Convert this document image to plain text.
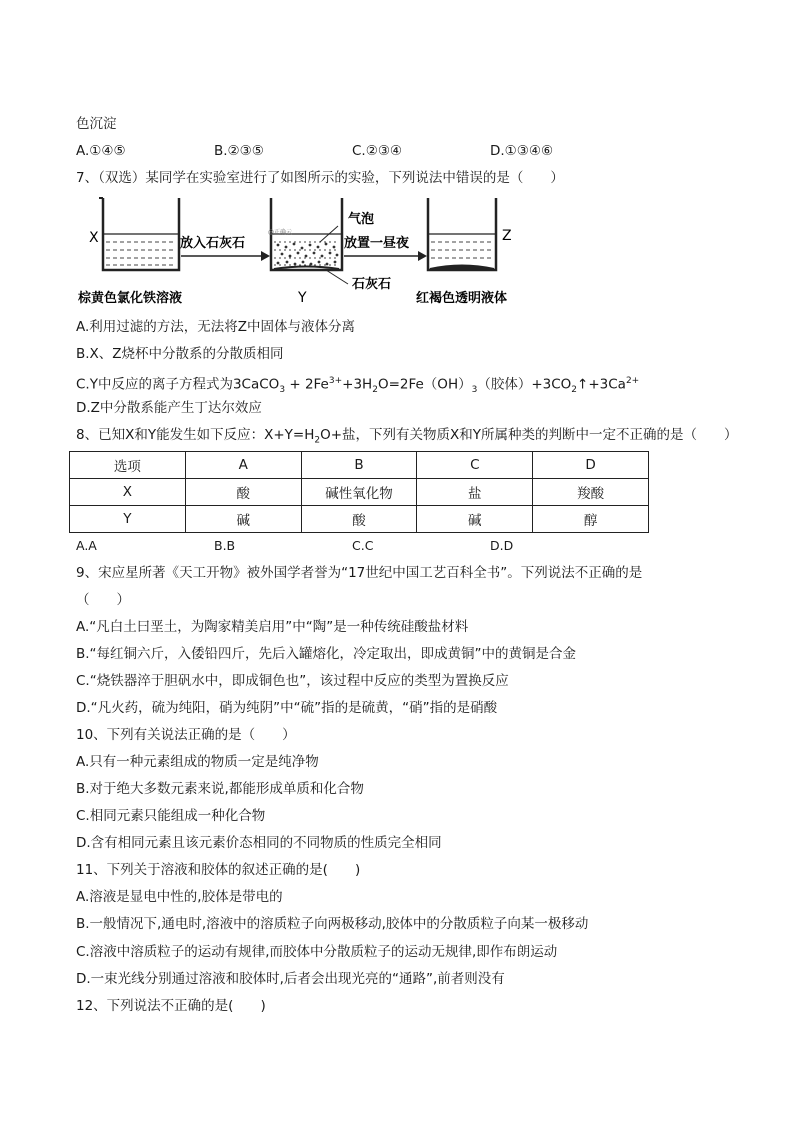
色沉淀
A.①④⑤	B.②③⑤	C.②③④	D.①③④⑥
7、（双选）某同学在实验室进行了如图所示的实验，下列说法中错误的是（　　）
X
棕黄色氯化铁溶液
放入石灰石
@正确云
气泡
石灰石
Y
放置一昼夜	Z
红褐色透明液体
A.利用过滤的方法，无法将Z中固体与液体分离
B.X、Z烧杯中分散系的分散质相同
C.Y中反应的离子方程式为3CaCO$_3$ + $2Fe^{3+}+3H_2O=2Fe(OH)_3$（胶体）$+3CO_2↑+3Ca^{2+}$
D.Z中分散系能产生丁达尔效应
8、已知X和Y能发生如下反应：$X+Y=H_2O+$盐，下列有关物质X和Y所属种类的判断中一定不正确的是（　　）
选项	A	B	C	D
X	酸	碱性氧化物	盐	羧酸
Y	碱	酸	碱	醇
A.A	B.B	C.C	D.D
9、宋应星所著《天工开物》被外国学者誉为“17世纪中国工艺百科全书”。下列说法不正确的是
（　　）
A.“凡白土曰垩土，为陶家精美启用”中“陶”是一种传统硅酸盐材料
B.“每红铜六斤，入倭铅四斤，先后入罐熔化，冷定取出，即成黄铜”中的黄铜是合金
C.“烧铁器淬于胆矾水中，即成铜色也”，该过程中反应的类型为置换反应
D.“凡火药，硫为纯阳，硝为纯阴”中“硫”指的是硫黄，“硝”指的是硝酸
10、下列有关说法正确的是（　　）
A.只有一种元素组成的物质一定是纯净物
B.对于绝大多数元素来说,都能形成单质和化合物
C.相同元素只能组成一种化合物
D.含有相同元素且该元素价态相同的不同物质的性质完全相同
11、下列关于溶液和胶体的叙述正确的是(　　)
A.溶液是显电中性的,胶体是带电的
B.一般情况下,通电时,溶液中的溶质粒子向两极移动,胶体中的分散质粒子向某一极移动
C.溶液中溶质粒子的运动有规律,而胶体中分散质粒子的运动无规律,即作布朗运动
D.一束光线分别通过溶液和胶体时,后者会出现光亮的“通路”,前者则没有
12、下列说法不正确的是(　　)
